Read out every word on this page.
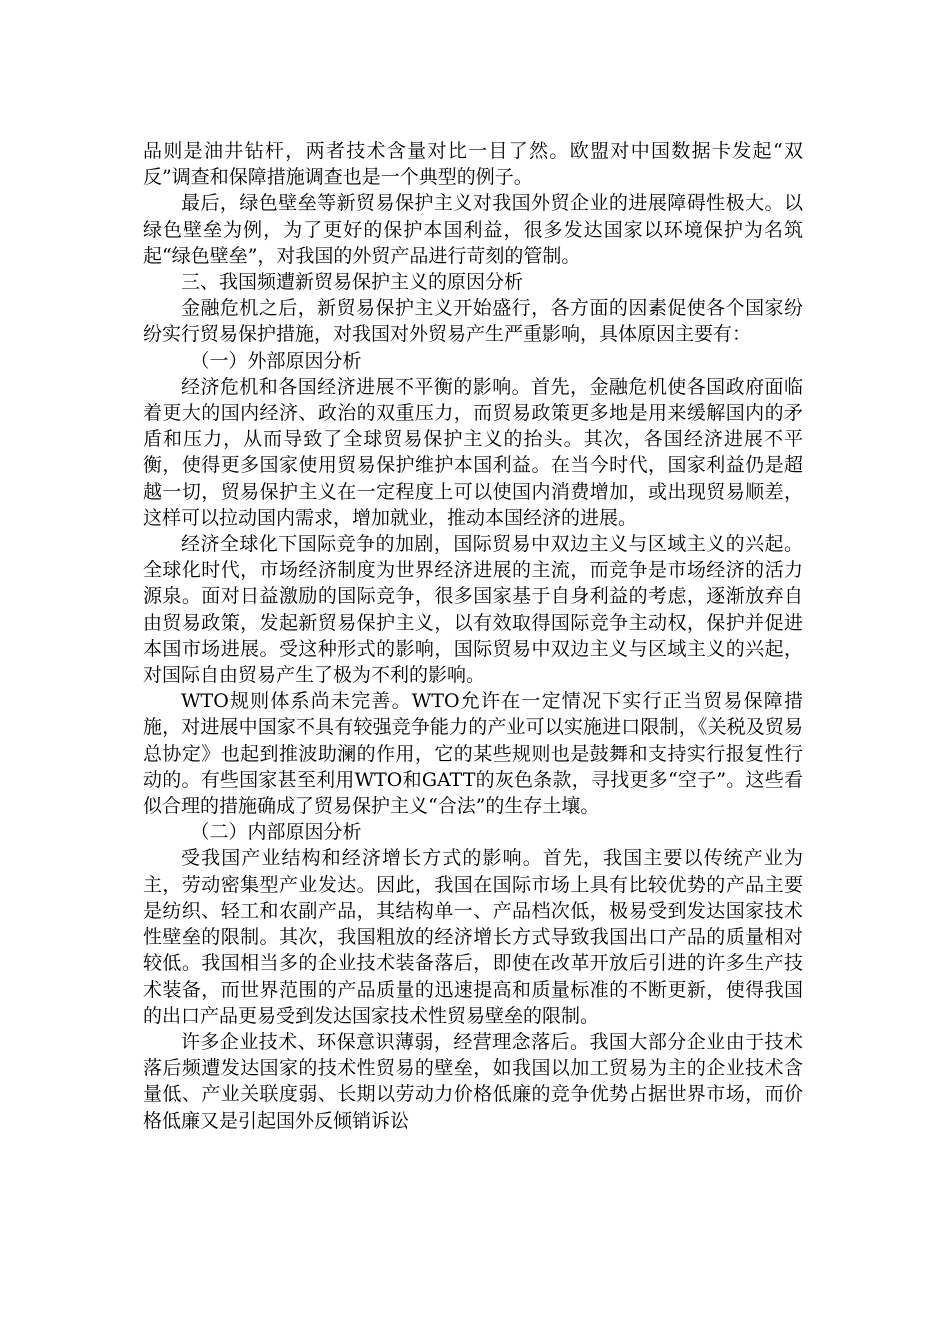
品则是油井钻杆，两者技术含量对比一目了然。欧盟对中国数据卡发起“双反”调查和保障措施调查也是一个典型的例子。

最后，绿色壁垒等新贸易保护主义对我国外贸企业的进展障碍性极大。以绿色壁垒为例，为了更好的保护本国利益，很多发达国家以环境保护为名筑起“绿色壁垒”，对我国的外贸产品进行苛刻的管制。

三、我国频遭新贸易保护主义的原因分析

金融危机之后，新贸易保护主义开始盛行，各方面的因素促使各个国家纷纷实行贸易保护措施，对我国对外贸易产生严重影响，具体原因主要有：

（一）外部原因分析

经济危机和各国经济进展不平衡的影响。首先，金融危机使各国政府面临着更大的国内经济、政治的双重压力，而贸易政策更多地是用来缓解国内的矛盾和压力，从而导致了全球贸易保护主义的抬头。其次，各国经济进展不平衡，使得更多国家使用贸易保护维护本国利益。在当今时代，国家利益仍是超越一切，贸易保护主义在一定程度上可以使国内消费增加，或出现贸易顺差，这样可以拉动国内需求，增加就业，推动本国经济的进展。

经济全球化下国际竞争的加剧，国际贸易中双边主义与区域主义的兴起。全球化时代，市场经济制度为世界经济进展的主流，而竞争是市场经济的活力源泉。面对日益激励的国际竞争，很多国家基于自身利益的考虑，逐渐放弃自由贸易政策，发起新贸易保护主义，以有效取得国际竞争主动权，保护并促进本国市场进展。受这种形式的影响，国际贸易中双边主义与区域主义的兴起，对国际自由贸易产生了极为不利的影响。

WTO规则体系尚未完善。WTO允许在一定情况下实行正当贸易保障措施，对进展中国家不具有较强竞争能力的产业可以实施进口限制，《关税及贸易总协定》也起到推波助澜的作用，它的某些规则也是鼓舞和支持实行报复性行动的。有些国家甚至利用WTO和GATT的灰色条款，寻找更多“空子”。这些看似合理的措施确成了贸易保护主义“合法”的生存土壤。

（二）内部原因分析

受我国产业结构和经济增长方式的影响。首先，我国主要以传统产业为主，劳动密集型产业发达。因此，我国在国际市场上具有比较优势的产品主要是纺织、轻工和农副产品，其结构单一、产品档次低，极易受到发达国家技术性壁垒的限制。其次，我国粗放的经济增长方式导致我国出口产品的质量相对较低。我国相当多的企业技术装备落后，即使在改革开放后引进的许多生产技术装备，而世界范围的产品质量的迅速提高和质量标准的不断更新，使得我国的出口产品更易受到发达国家技术性贸易壁垒的限制。

许多企业技术、环保意识薄弱，经营理念落后。我国大部分企业由于技术落后频遭发达国家的技术性贸易的壁垒，如我国以加工贸易为主的企业技术含量低、产业关联度弱、长期以劳动力价格低廉的竞争优势占据世界市场，而价格低廉又是引起国外反倾销诉讼
